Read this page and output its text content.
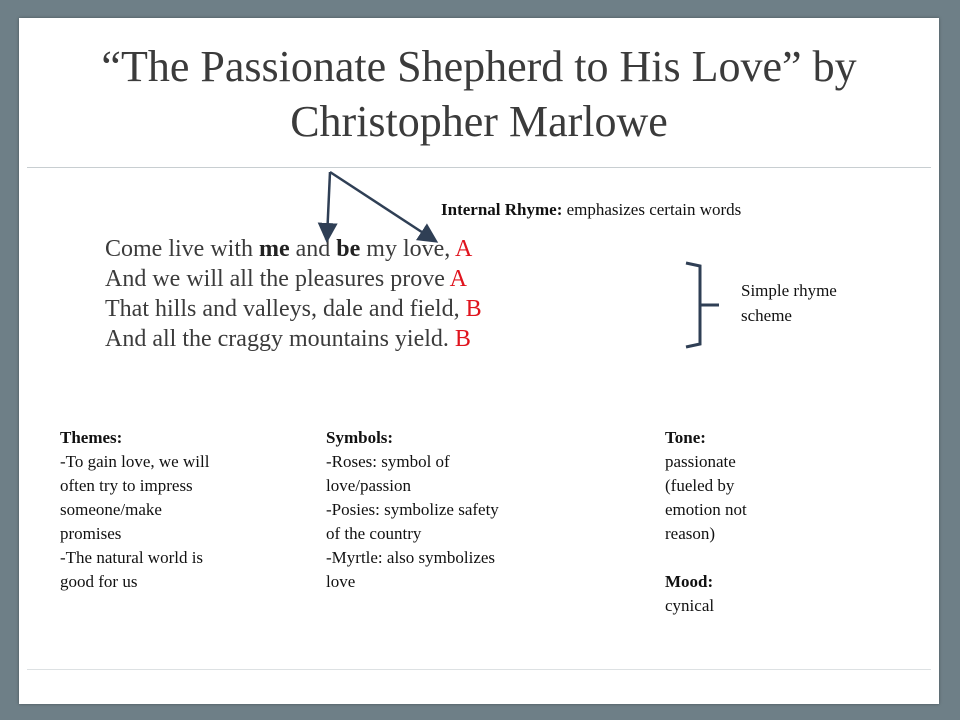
“The Passionate Shepherd to His Love” by Christopher Marlowe
Internal Rhyme: emphasizes certain words
Come live with me and be my love, A
And we will all the pleasures prove A
That hills and valleys, dale and field, B
And all the craggy mountains yield. B
Simple rhyme
scheme
Themes:
-To gain love, we will
often try to impress
someone/make
promises
-The natural world is
good for us
Symbols:
-Roses: symbol of
love/passion
-Posies: symbolize safety
of the country
-Myrtle: also symbolizes
love
Tone:
passionate
(fueled by
emotion not
reason)
Mood:
cynical
